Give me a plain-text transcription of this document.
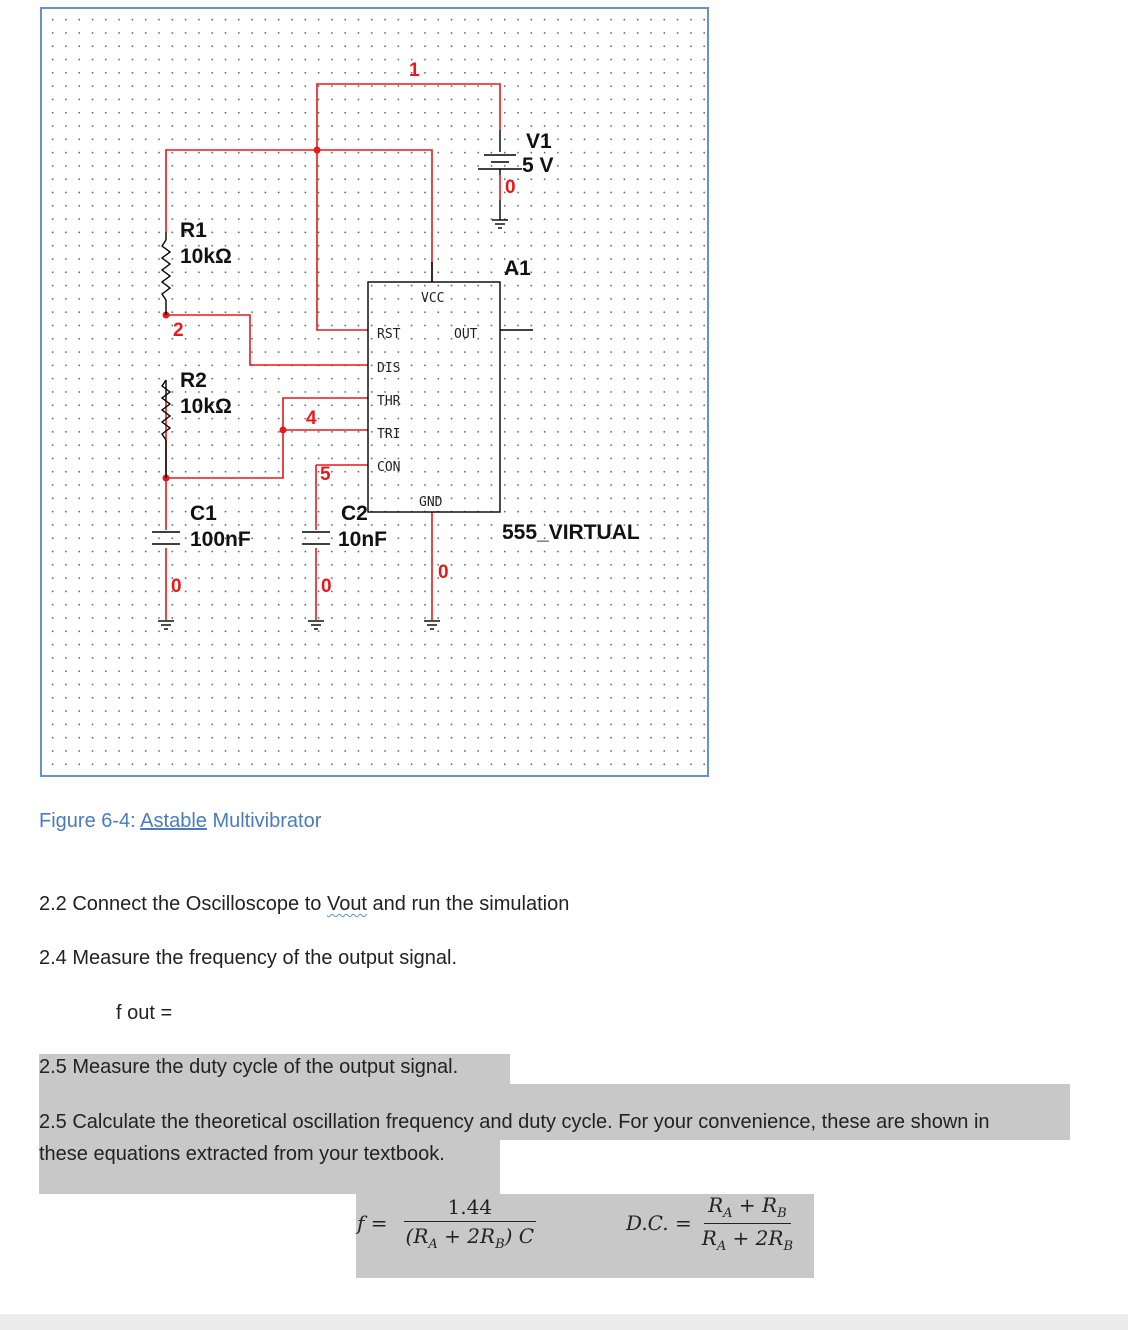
VCC
RST	OUT
DIS
THR
TRI
CON
GND
1
2
4
5
0	0
0
0
R1
10kΩ
R2
10kΩ
C1
100nF
C2
10nF
V1
5 V
A1
555_VIRTUAL
Figure 6-4: Astable Multivibrator
2.2 Connect the Oscilloscope to Vout and run the simulation
2.4 Measure the frequency of the output signal.
f out =
2.5 Measure the duty cycle of the output signal.
2.5 Calculate the theoretical oscillation frequency and duty cycle. For your convenience, these are shown in
these equations extracted from your textbook.
$f = \frac{1.44}{(R_A + 2R_B) C}$	D.C. = $\frac{R_A + R_B}{R_A + 2R_B}$
